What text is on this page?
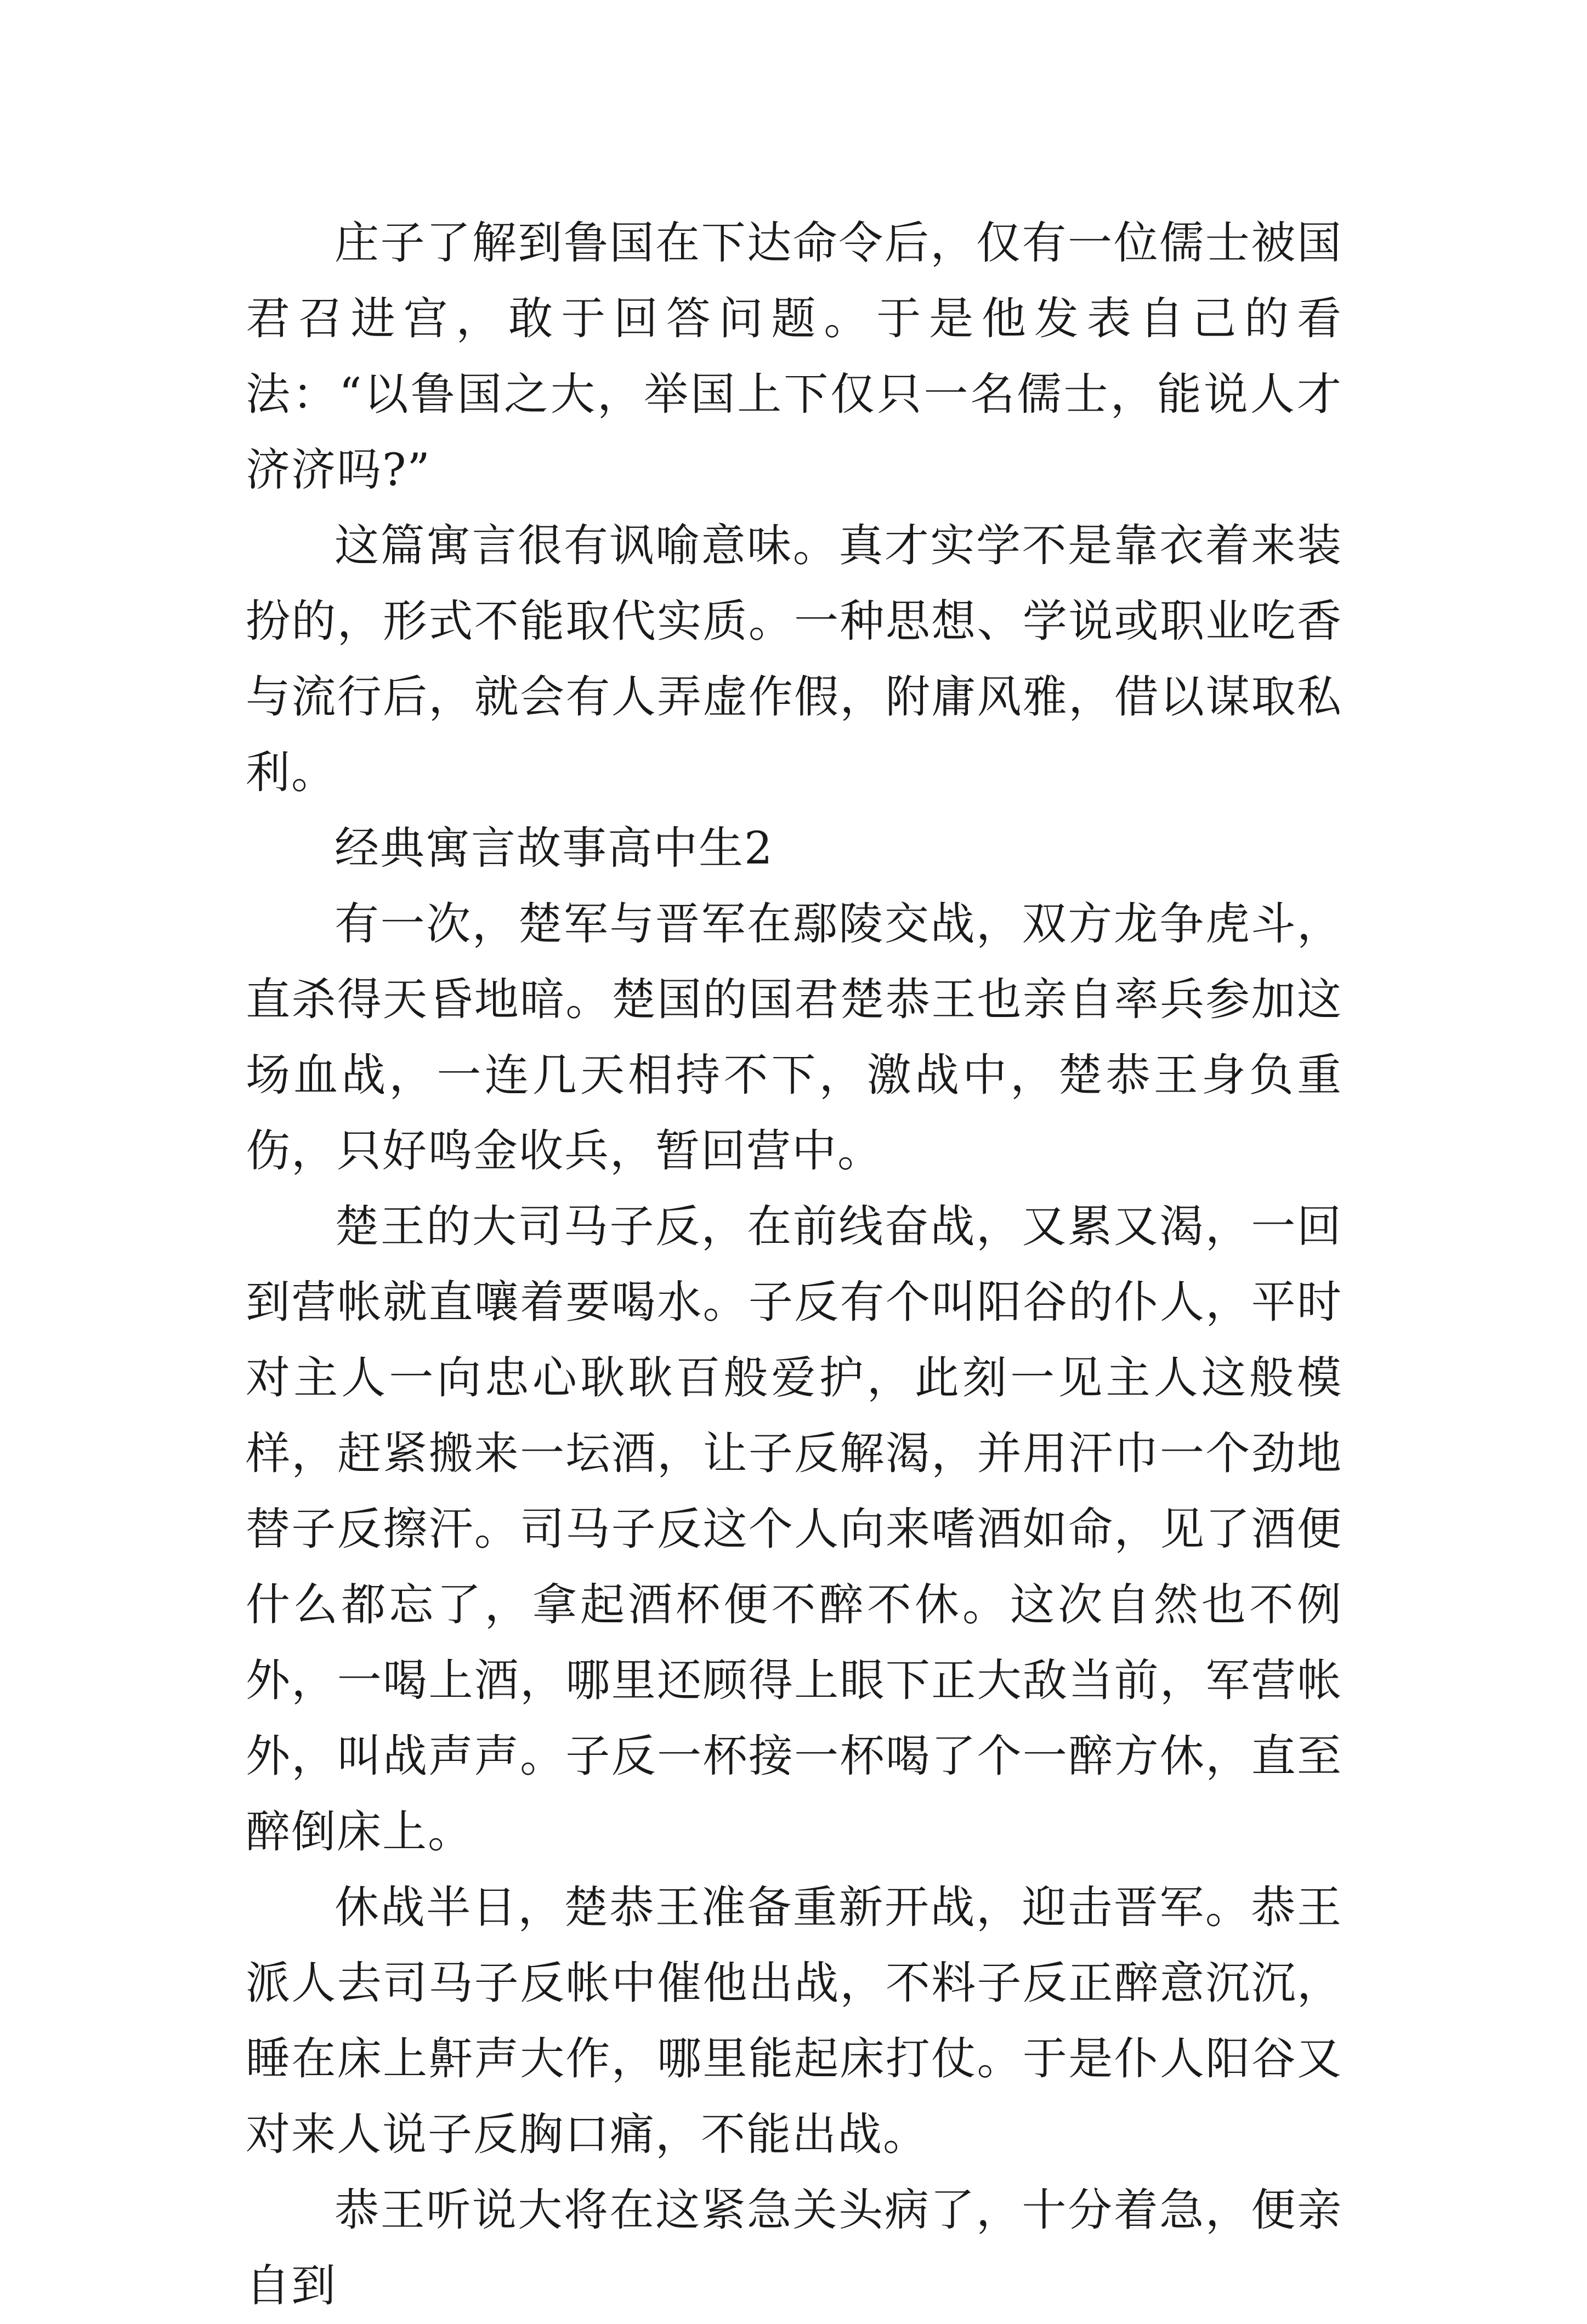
庄子了解到鲁国在下达命令后，仅有一位儒士被国君召进宫，敢于回答问题。于是他发表自己的看法：“以鲁国之大，举国上下仅只一名儒士，能说人才济济吗?”

这篇寓言很有讽喻意味。真才实学不是靠衣着来装扮的，形式不能取代实质。一种思想、学说或职业吃香与流行后，就会有人弄虚作假，附庸风雅，借以谋取私利。

经典寓言故事高中生2

有一次，楚军与晋军在鄢陵交战，双方龙争虎斗，直杀得天昏地暗。楚国的国君楚恭王也亲自率兵参加这场血战，一连几天相持不下，激战中，楚恭王身负重伤，只好鸣金收兵，暂回营中。

楚王的大司马子反，在前线奋战，又累又渴，一回到营帐就直嚷着要喝水。子反有个叫阳谷的仆人，平时对主人一向忠心耿耿百般爱护，此刻一见主人这般模样，赶紧搬来一坛酒，让子反解渴，并用汗巾一个劲地替子反擦汗。司马子反这个人向来嗜酒如命，见了酒便什么都忘了，拿起酒杯便不醉不休。这次自然也不例外，一喝上酒，哪里还顾得上眼下正大敌当前，军营帐外，叫战声声。子反一杯接一杯喝了个一醉方休，直至醉倒床上。

休战半日，楚恭王准备重新开战，迎击晋军。恭王派人去司马子反帐中催他出战，不料子反正醉意沉沉，睡在床上鼾声大作，哪里能起床打仗。于是仆人阳谷又对来人说子反胸口痛，不能出战。

恭王听说大将在这紧急关头病了，十分着急，便亲自到
